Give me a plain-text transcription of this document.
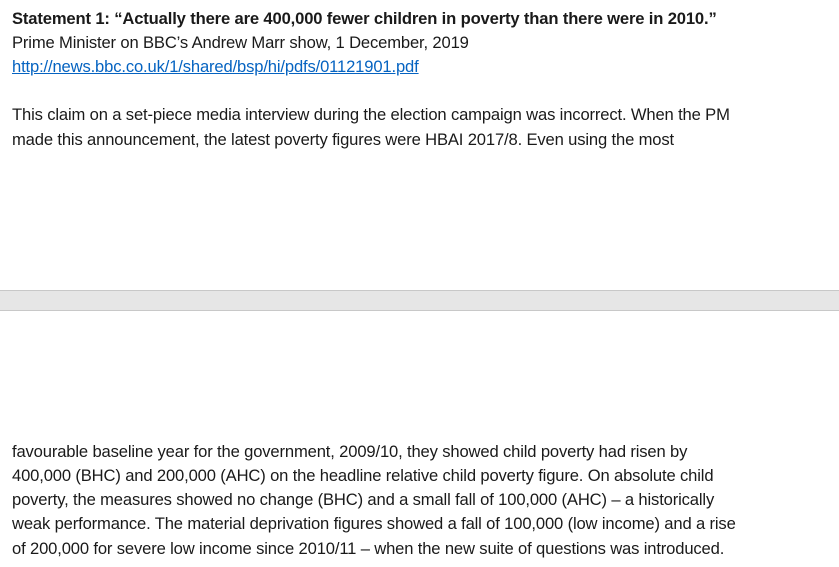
Statement 1: “Actually there are 400,000 fewer children in poverty than there were in 2010.”
Prime Minister on BBC’s Andrew Marr show, 1 December, 2019
http://news.bbc.co.uk/1/shared/bsp/hi/pdfs/01121901.pdf
This claim on a set-piece media interview during the election campaign was incorrect. When the PM
made this announcement, the latest poverty figures were HBAI 2017/8. Even using the most
favourable baseline year for the government, 2009/10, they showed child poverty had risen by
400,000 (BHC) and 200,000 (AHC) on the headline relative child poverty figure. On absolute child
poverty, the measures showed no change (BHC) and a small fall of 100,000 (AHC) – a historically
weak performance. The material deprivation figures showed a fall of 100,000 (low income) and a rise
of 200,000 for severe low income since 2010/11 – when the new suite of questions was introduced.
